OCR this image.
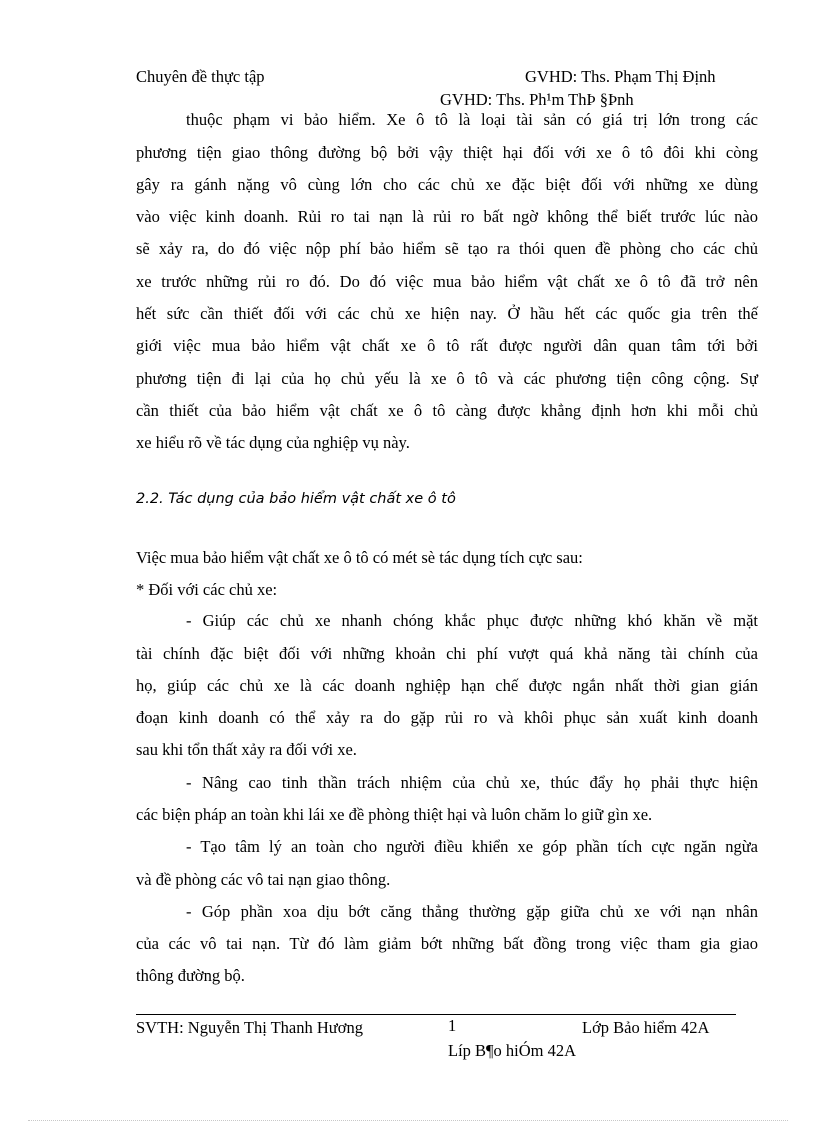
Chuyên đề thực tập	GVHD: Ths. Phạm Thị Định
GVHD: Ths. Ph¹m ThÞ §Þnh
thuộc phạm vi bảo hiểm. Xe ô tô là loại tài sản có giá trị lớn trong các
phương tiện giao thông đường bộ bởi vậy thiệt hại đối với xe ô tô đôi khi còng
gây ra gánh nặng vô cùng lớn cho các chủ xe đặc biệt đối với những xe dùng
vào việc kinh doanh. Rủi ro tai nạn là rủi ro bất ngờ không thể biết trước lúc nào
sẽ xảy ra, do đó việc nộp phí bảo hiểm sẽ tạo ra thói quen đề phòng cho các chủ
xe trước những rủi ro đó. Do đó việc mua bảo hiểm vật chất xe ô tô đã trở nên
hết sức cần thiết đối với các chủ xe hiện nay. Ở hầu hết các quốc gia trên thế
giới việc mua bảo hiểm vật chất xe ô tô rất được người dân quan tâm tới bởi
phương tiện đi lại của họ chủ yếu là xe ô tô và các phương tiện công cộng. Sự
cần thiết của bảo hiểm vật chất xe ô tô càng được khẳng định hơn khi mỗi chủ
xe hiểu rõ về tác dụng của nghiệp vụ này.
2.2. Tác dụng của bảo hiểm vật chất xe ô tô
Việc mua bảo hiểm vật chất xe ô tô có mét sè tác dụng tích cực sau:
* Đối với các chủ xe:
- Giúp các chủ xe nhanh chóng khắc phục được những khó khăn về mặt
tài chính đặc biệt đối với những khoản chi phí vượt quá khả năng tài chính của
họ, giúp các chủ xe là các doanh nghiệp hạn chế được ngắn nhất thời gian gián
đoạn kinh doanh có thể xảy ra do gặp rủi ro và khôi phục sản xuất kinh doanh
sau khi tổn thất xảy ra đối với xe.
- Nâng cao tinh thần trách nhiệm của chủ xe, thúc đẩy họ phải thực hiện
các biện pháp an toàn khi lái xe đề phòng thiệt hại và luôn chăm lo giữ gìn xe.
- Tạo tâm lý an toàn cho người điều khiển xe góp phần tích cực ngăn ngừa
và đề phòng các vô tai nạn giao thông.
- Góp phần xoa dịu bớt căng thẳng thường gặp giữa chủ xe với nạn nhân
của các vô tai nạn. Từ đó làm giảm bớt những bất đồng trong việc tham gia giao
thông đường bộ.
SVTH: Nguyễn Thị Thanh Hương	1	Lớp Bảo hiểm 42A
Líp B¶o hiÓm 42A
